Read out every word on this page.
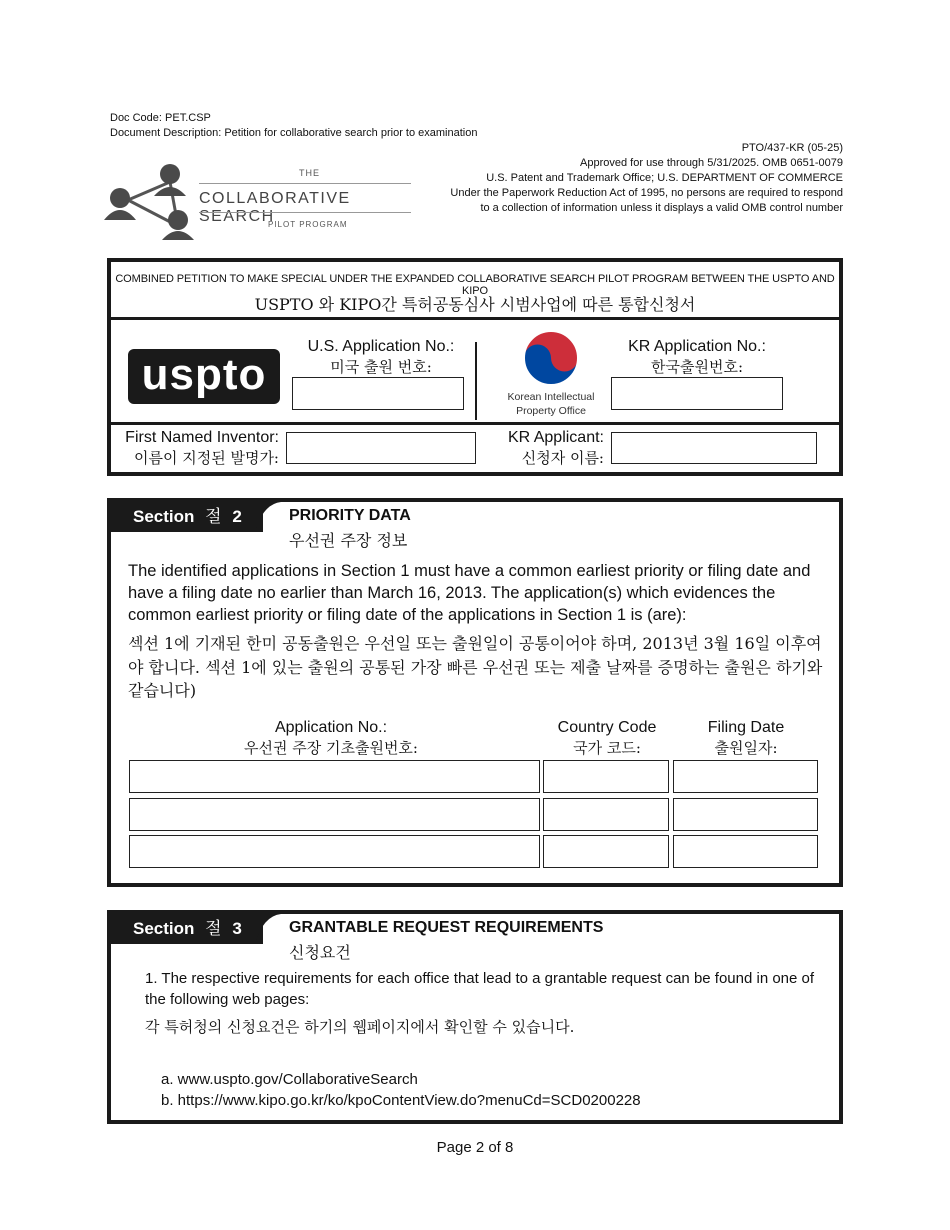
Doc Code: PET.CSP
Document Description: Petition for collaborative search prior to examination
PTO/437-KR (05-25)
Approved for use through 5/31/2025. OMB 0651-0079
U.S. Patent and Trademark Office; U.S. DEPARTMENT OF COMMERCE
Under the Paperwork Reduction Act of 1995, no persons are required to respond
to a collection of information unless it displays a valid OMB control number
THE
COLLABORATIVE SEARCH
PILOT PROGRAM
COMBINED PETITION TO MAKE SPECIAL UNDER THE EXPANDED COLLABORATIVE SEARCH PILOT PROGRAM BETWEEN THE USPTO AND KIPO
USPTO 와 KIPO간 특허공동심사 시범사업에 따른 통합신청서
uspto
U.S. Application No.:
미국 출원 번호:
Korean Intellectual
Property Office
KR Application No.:
한국출원번호:
First Named Inventor:
이름이 지정된 발명가:
KR Applicant:
신청자 이름:
Section 절 2	PRIORITY DATA
우선권 주장 정보
The identified applications in Section 1 must have a common earliest priority or filing date and have a filing date no earlier than March 16, 2013. The application(s) which evidences the common earliest priority or filing date of the applications in Section 1 is (are):
섹션 1에 기재된 한미 공동출원은 우선일 또는 출원일이 공통이어야 하며, 2013년 3월 16일 이후여야 합니다. 섹션 1에 있는 출원의 공통된 가장 빠른 우선권 또는 제출 날짜를 증명하는 출원은 하기와 같습니다)
Application No.:
우선권 주장 기초출원번호:
Country Code
국가 코드:
Filing Date
출원일자:
Section 절 3	GRANTABLE REQUEST REQUIREMENTS
신청요건
1. The respective requirements for each office that lead to a grantable request can be found in one of the following web pages:
각 특허청의 신청요건은 하기의 웹페이지에서 확인할 수 있습니다.
a. www.uspto.gov/CollaborativeSearch
b. https://www.kipo.go.kr/ko/kpoContentView.do?menuCd=SCD0200228
Page 2 of 8
